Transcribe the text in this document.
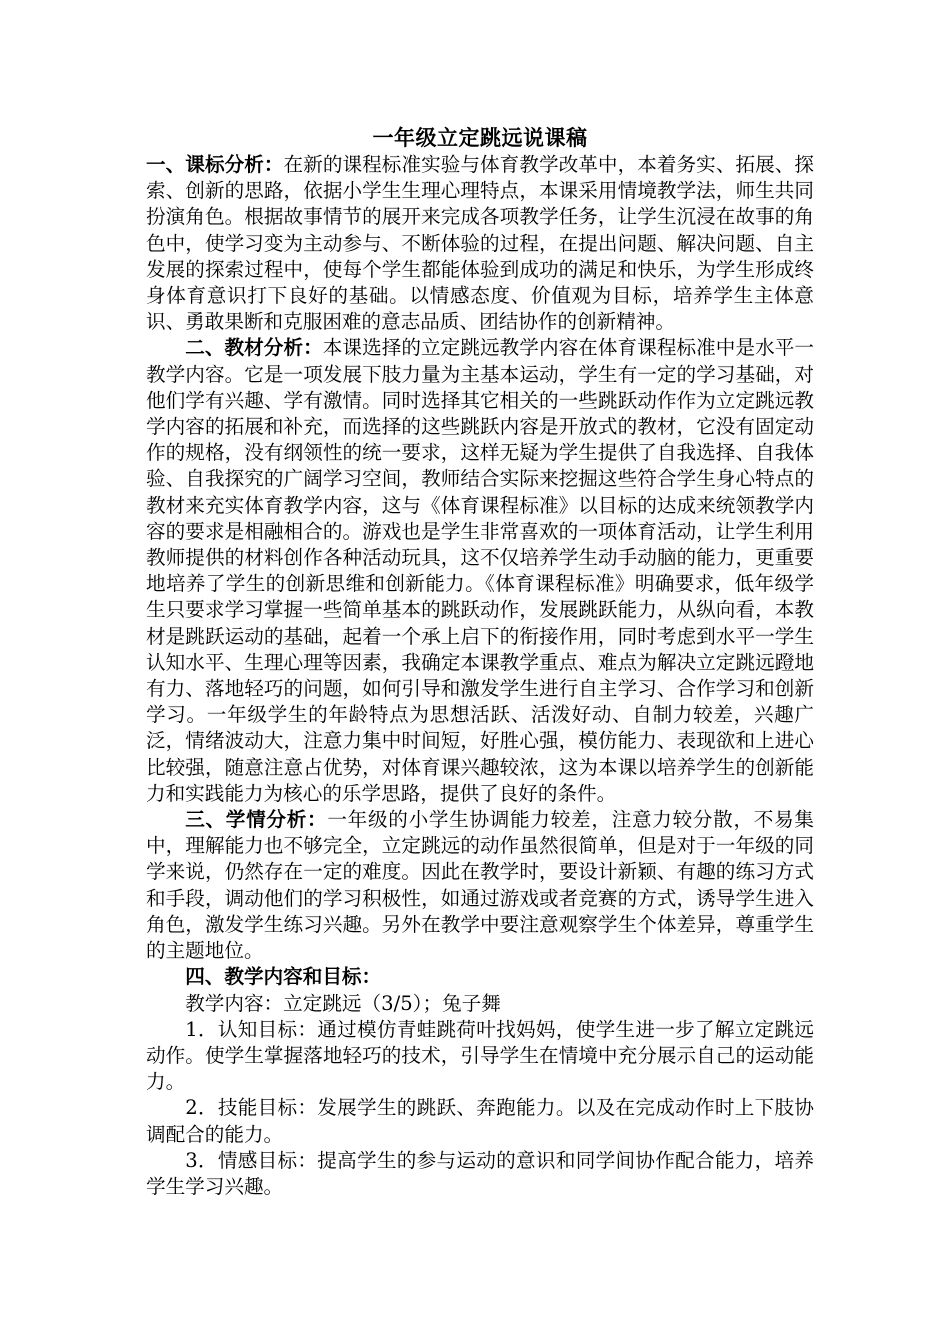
一年级立定跳远说课稿

一、课标分析：在新的课程标准实验与体育教学改革中，本着务实、拓展、探索、创新的思路，依据小学生生理心理特点，本课采用情境教学法，师生共同扮演角色。根据故事情节的展开来完成各项教学任务，让学生沉浸在故事的角色中，使学习变为主动参与、不断体验的过程，在提出问题、解决问题、自主发展的探索过程中，使每个学生都能体验到成功的满足和快乐，为学生形成终身体育意识打下良好的基础。以情感态度、价值观为目标，培养学生主体意识、勇敢果断和克服困难的意志品质、团结协作的创新精神。

二、教材分析：本课选择的立定跳远教学内容在体育课程标准中是水平一教学内容。它是一项发展下肢力量为主基本运动，学生有一定的学习基础，对他们学有兴趣、学有激情。同时选择其它相关的一些跳跃动作作为立定跳远教学内容的拓展和补充，而选择的这些跳跃内容是开放式的教材，它没有固定动作的规格，没有纲领性的统一要求，这样无疑为学生提供了自我选择、自我体验、自我探究的广阔学习空间，教师结合实际来挖掘这些符合学生身心特点的教材来充实体育教学内容，这与《体育课程标准》以目标的达成来统领教学内容的要求是相融相合的。游戏也是学生非常喜欢的一项体育活动，让学生利用教师提供的材料创作各种活动玩具，这不仅培养学生动手动脑的能力，更重要地培养了学生的创新思维和创新能力。《体育课程标准》明确要求，低年级学生只要求学习掌握一些简单基本的跳跃动作，发展跳跃能力，从纵向看，本教材是跳跃运动的基础，起着一个承上启下的衔接作用，同时考虑到水平一学生认知水平、生理心理等因素，我确定本课教学重点、难点为解决立定跳远蹬地有力、落地轻巧的问题，如何引导和激发学生进行自主学习、合作学习和创新学习。一年级学生的年龄特点为思想活跃、活泼好动、自制力较差，兴趣广泛，情绪波动大，注意力集中时间短，好胜心强，模仿能力、表现欲和上进心比较强，随意注意占优势，对体育课兴趣较浓，这为本课以培养学生的创新能力和实践能力为核心的乐学思路，提供了良好的条件。

三、学情分析：一年级的小学生协调能力较差，注意力较分散，不易集中，理解能力也不够完全，立定跳远的动作虽然很简单，但是对于一年级的同学来说，仍然存在一定的难度。因此在教学时，要设计新颖、有趣的练习方式和手段，调动他们的学习积极性，如通过游戏或者竞赛的方式，诱导学生进入角色，激发学生练习兴趣。另外在教学中要注意观察学生个体差异，尊重学生的主题地位。

四、教学内容和目标：

教学内容：立定跳远（3/5）；兔子舞

1．认知目标：通过模仿青蛙跳荷叶找妈妈，使学生进一步了解立定跳远动作。使学生掌握落地轻巧的技术，引导学生在情境中充分展示自己的运动能力。

2．技能目标：发展学生的跳跃、奔跑能力。以及在完成动作时上下肢协调配合的能力。

3．情感目标：提高学生的参与运动的意识和同学间协作配合能力，培养学生学习兴趣。
